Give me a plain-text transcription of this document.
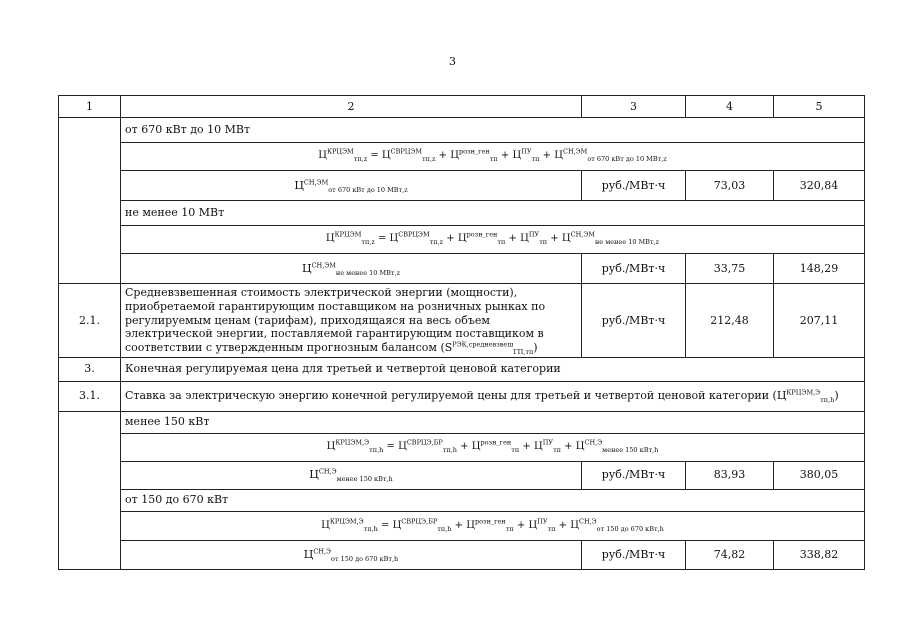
3
1	2	3	4	5
	от 670 кВт до 10 МВт			
	$Ц^{КРЦЭМ}_{тп,z} = Ц^{СВРЦЭМ}_{тп,z} + Ц^{розн\_ген}_{тп} + Ц^{ПУ}_{тп} + Ц^{СН,ЭМ}_{от 670 кВт до 10 МВт,z}$
	$Ц^{СН,ЭМ}_{от 670 кВт до 10 МВт,z}$	руб./МВт·ч	73,03	320,84
	не менее 10 МВт			
	$Ц^{КРЦЭМ}_{тп,z} = Ц^{СВРЦЭМ}_{тп,z} + Ц^{розн\_ген}_{тп} + Ц^{ПУ}_{тп} + Ц^{СН,ЭМ}_{не менее 10 МВт,z}$
	$Ц^{СН,ЭМ}_{не менее 10 МВт,z}$	руб./МВт·ч	33,75	148,29
2.1.	Средневзвешенная стоимость электрической энергии (мощности), приобретаемой гарантирующим поставщиком на розничных рынках по регулируемым ценам (тарифам), приходящаяся на весь объем электрической энергии, поставляемой гарантирующим поставщиком в соответствии с утвержденным прогнозным балансом $(S^{РЭК,средневзвеш}_{ГП,тп})$	руб./МВт·ч	212,48	207,11
3.	Конечная регулируемая цена для третьей и четвертой ценовой категории			
3.1.	Ставка за электрическую энергию конечной регулируемой цены для третьей и четвертой ценовой категории $(Ц^{КРЦЭМ,Э}_{тп,h})$			
	менее 150 кВт			
	$Ц^{КРЦЭМ,Э}_{тп,h} = Ц^{СВРЦЭ,БР}_{тп,h} + Ц^{розн\_ген}_{тп} + Ц^{ПУ}_{тп} + Ц^{СН,Э}_{менее 150 кВт,h}$
	$Ц^{СН,Э}_{менее 150 кВт,h}$	руб./МВт·ч	83,93	380,05
	от 150 до 670 кВт			
	$Ц^{КРЦЭМ,Э}_{тп,h} = Ц^{СВРЦЭ,БР}_{тп,h} + Ц^{розн\_ген}_{тп} + Ц^{ПУ}_{тп} + Ц^{СН,Э}_{от 150 до 670 кВт,h}$
	$Ц^{СН,Э}_{от 150 до 670 кВт,h}$	руб./МВт·ч	74,82	338,82
